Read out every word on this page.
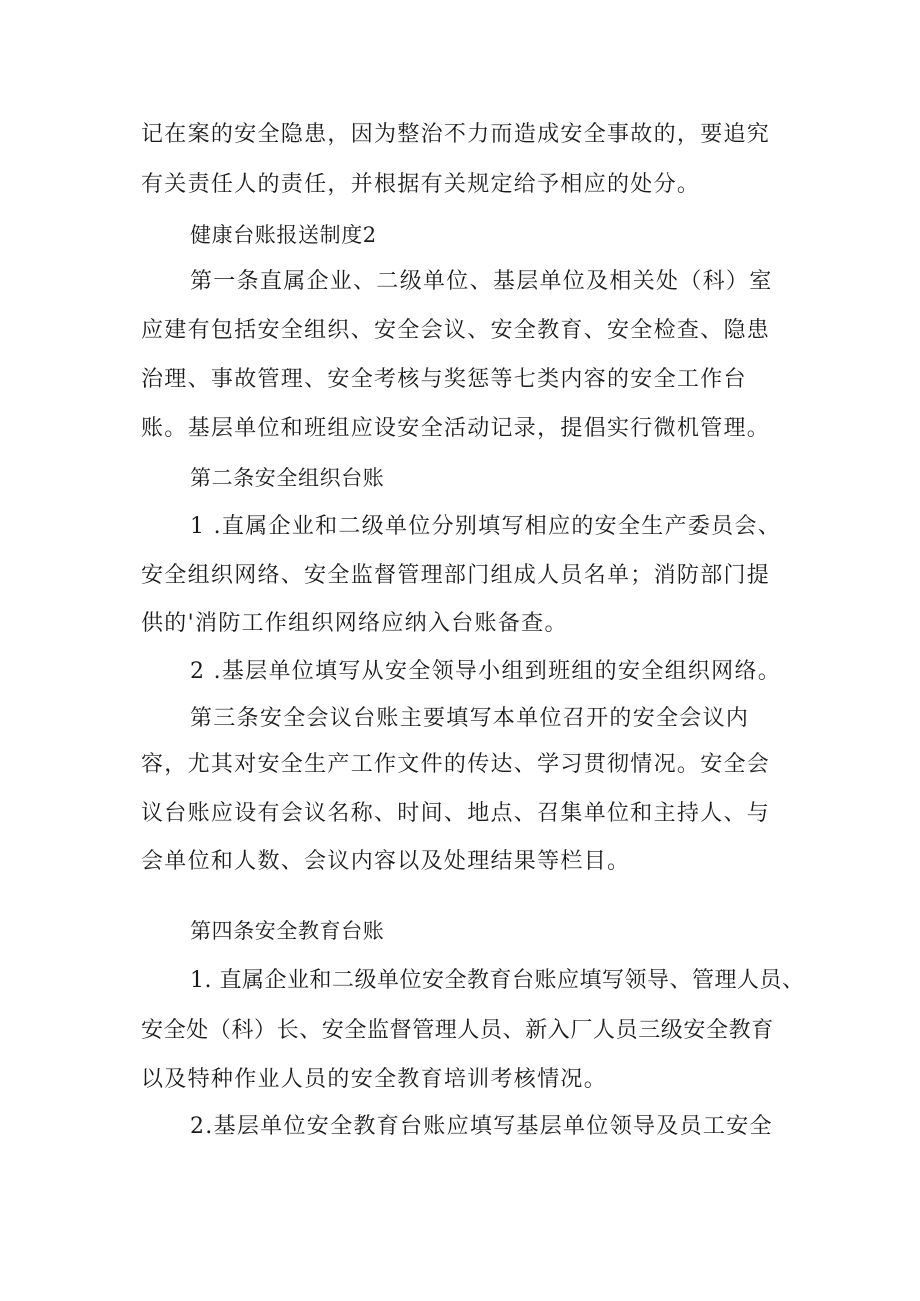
记在案的安全隐患，因为整治不力而造成安全事故的，要追究
有关责任人的责任，并根据有关规定给予相应的处分。
健康台账报送制度2
第一条直属企业、二级单位、基层单位及相关处（科）室
应建有包括安全组织、安全会议、安全教育、安全检查、隐患
治理、事故管理、安全考核与奖惩等七类内容的安全工作台
账。基层单位和班组应设安全活动记录，提倡实行微机管理。
第二条安全组织台账
1 .直属企业和二级单位分别填写相应的安全生产委员会、
安全组织网络、安全监督管理部门组成人员名单；消防部门提
供的'消防工作组织网络应纳入台账备查。
2 .基层单位填写从安全领导小组到班组的安全组织网络。
第三条安全会议台账主要填写本单位召开的安全会议内
容，尤其对安全生产工作文件的传达、学习贯彻情况。安全会
议台账应设有会议名称、时间、地点、召集单位和主持人、与
会单位和人数、会议内容以及处理结果等栏目。
第四条安全教育台账
1. 直属企业和二级单位安全教育台账应填写领导、管理人员、
安全处（科）长、安全监督管理人员、新入厂人员三级安全教育
以及特种作业人员的安全教育培训考核情况。
2.基层单位安全教育台账应填写基层单位领导及员工安全
